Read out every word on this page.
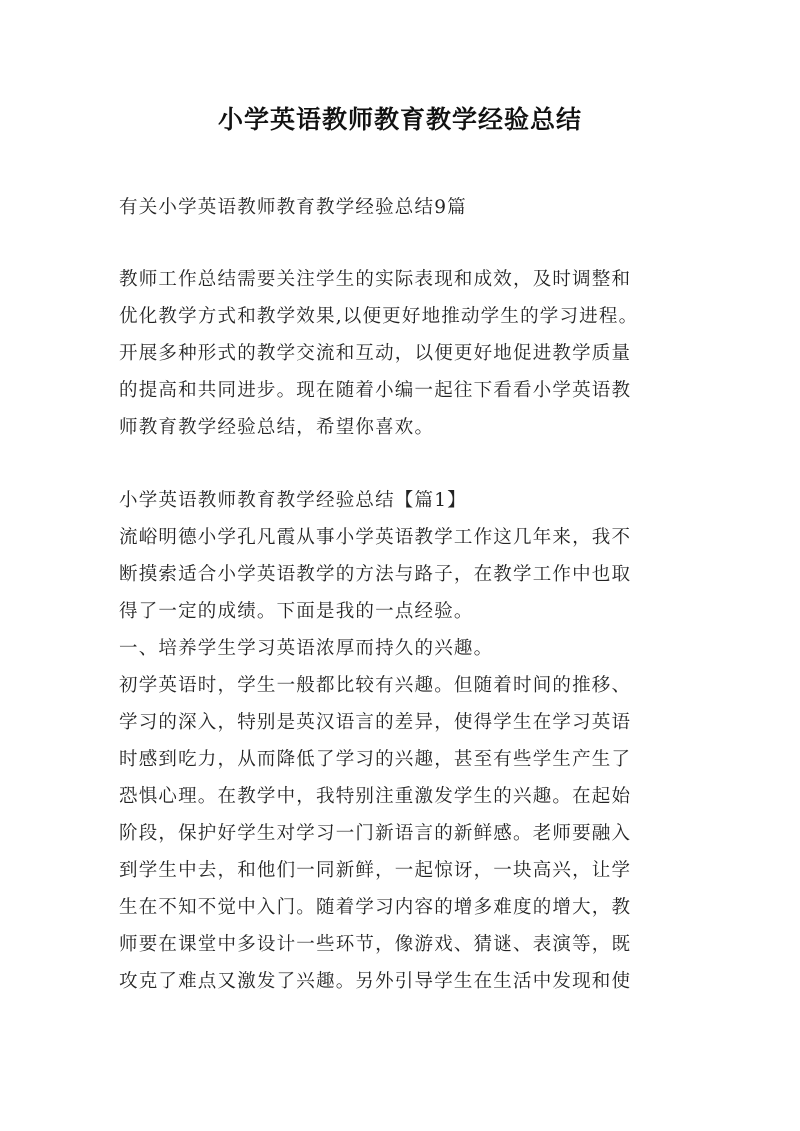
小学英语教师教育教学经验总结
有关小学英语教师教育教学经验总结9篇
教师工作总结需要关注学生的实际表现和成效，及时调整和
优化教学方式和教学效果,以便更好地推动学生的学习进程。
开展多种形式的教学交流和互动，以便更好地促进教学质量
的提高和共同进步。现在随着小编一起往下看看小学英语教
师教育教学经验总结，希望你喜欢。
小学英语教师教育教学经验总结【篇1】
流峪明德小学孔凡霞从事小学英语教学工作这几年来，我不
断摸索适合小学英语教学的方法与路子，在教学工作中也取
得了一定的成绩。下面是我的一点经验。
一、培养学生学习英语浓厚而持久的兴趣。
初学英语时，学生一般都比较有兴趣。但随着时间的推移、
学习的深入，特别是英汉语言的差异，使得学生在学习英语
时感到吃力，从而降低了学习的兴趣，甚至有些学生产生了
恐惧心理。在教学中，我特别注重激发学生的兴趣。在起始
阶段，保护好学生对学习一门新语言的新鲜感。老师要融入
到学生中去，和他们一同新鲜，一起惊讶，一块高兴，让学
生在不知不觉中入门。随着学习内容的增多难度的增大，教
师要在课堂中多设计一些环节，像游戏、猜谜、表演等，既
攻克了难点又激发了兴趣。另外引导学生在生活中发现和使
